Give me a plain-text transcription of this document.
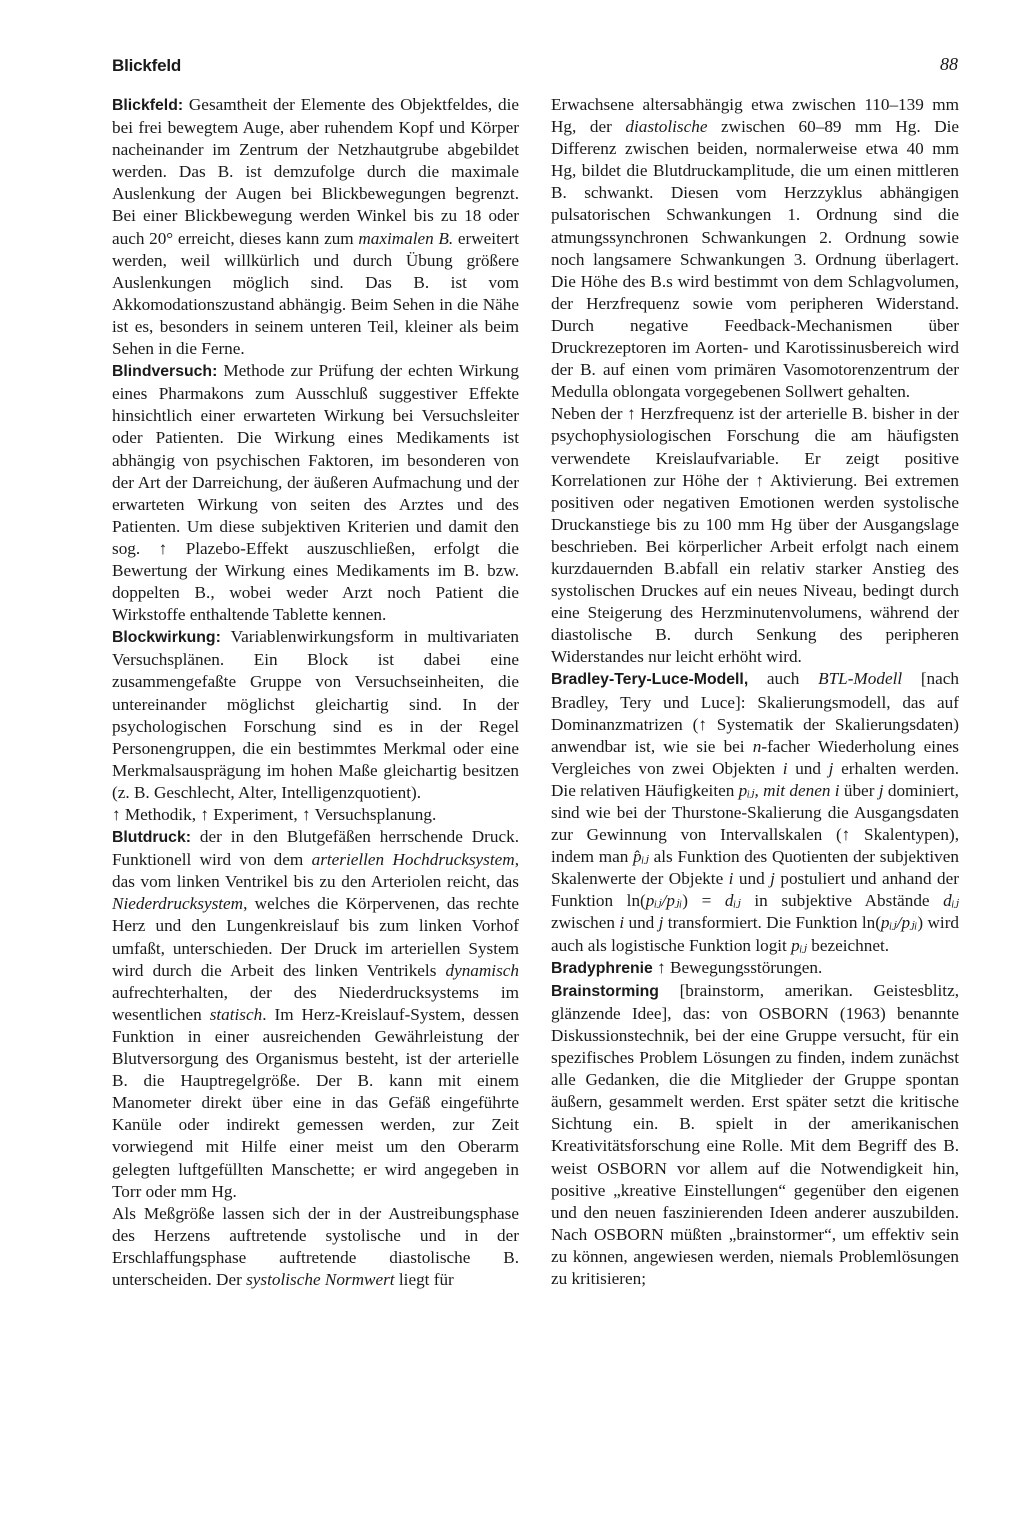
Blickfeld	88

Blickfeld: Gesamtheit der Elemente des Objektfeldes, die bei frei bewegtem Auge, aber ruhendem Kopf und Körper nacheinander im Zentrum der Netzhautgrube abgebildet werden. Das B. ist demzufolge durch die maximale Auslenkung der Augen bei Blickbewegungen begrenzt. Bei einer Blickbewegung werden Winkel bis zu 18 oder auch 20° erreicht, dieses kann zum maximalen B. erweitert werden, weil willkürlich und durch Übung größere Auslenkungen möglich sind. Das B. ist vom Akkomodationszustand abhängig. Beim Sehen in die Nähe ist es, besonders in seinem unteren Teil, kleiner als beim Sehen in die Ferne.

Blindversuch: Methode zur Prüfung der echten Wirkung eines Pharmakons zum Ausschluß suggestiver Effekte hinsichtlich einer erwarteten Wirkung bei Versuchsleiter oder Patienten. Die Wirkung eines Medikaments ist abhängig von psychischen Faktoren, im besonderen von der Art der Darreichung, der äußeren Aufmachung und der erwarteten Wirkung von seiten des Arztes und des Patienten. Um diese subjektiven Kriterien und damit den sog. ↑ Plazebo-Effekt auszuschließen, erfolgt die Bewertung der Wirkung eines Medikaments im B. bzw. doppelten B., wobei weder Arzt noch Patient die Wirkstoffe enthaltende Tablette kennen.

Blockwirkung: Variablenwirkungsform in multivariaten Versuchsplänen. Ein Block ist dabei eine zusammengefaßte Gruppe von Versuchseinheiten, die untereinander möglichst gleichartig sind. In der psychologischen Forschung sind es in der Regel Personengruppen, die ein bestimmtes Merkmal oder eine Merkmalsausprägung im hohen Maße gleichartig besitzen (z. B. Geschlecht, Alter, Intelligenzquotient).

↑ Methodik, ↑ Experiment, ↑ Versuchsplanung.

Blutdruck: der in den Blutgefäßen herrschende Druck. Funktionell wird von dem arteriellen Hochdrucksystem, das vom linken Ventrikel bis zu den Arteriolen reicht, das Niederdrucksystem, welches die Körpervenen, das rechte Herz und den Lungenkreislauf bis zum linken Vorhof umfaßt, unterschieden. Der Druck im arteriellen System wird durch die Arbeit des linken Ventrikels dynamisch aufrechterhalten, der des Niederdrucksystems im wesentlichen statisch. Im Herz-Kreislauf-System, dessen Funktion in einer ausreichenden Gewährleistung der Blutversorgung des Organismus besteht, ist der arterielle B. die Hauptregelgröße. Der B. kann mit einem Manometer direkt über eine in das Gefäß eingeführte Kanüle oder indirekt gemessen werden, zur Zeit vorwiegend mit Hilfe einer meist um den Oberarm gelegten luftgefüllten Manschette; er wird angegeben in Torr oder mm Hg.

Als Meßgröße lassen sich der in der Austreibungsphase des Herzens auftretende systolische und in der Erschlaffungsphase auftretende diastolische B. unterscheiden. Der systolische Normwert liegt für

Erwachsene altersabhängig etwa zwischen 110–139 mm Hg, der diastolische zwischen 60–89 mm Hg. Die Differenz zwischen beiden, normalerweise etwa 40 mm Hg, bildet die Blutdruckamplitude, die um einen mittleren B. schwankt. Diesen vom Herzzyklus abhängigen pulsatorischen Schwankungen 1. Ordnung sind die atmungssynchronen Schwankungen 2. Ordnung sowie noch langsamere Schwankungen 3. Ordnung überlagert. Die Höhe des B.s wird bestimmt von dem Schlagvolumen, der Herzfrequenz sowie vom peripheren Widerstand. Durch negative Feedback-Mechanismen über Druckrezeptoren im Aorten- und Karotissinusbereich wird der B. auf einen vom primären Vasomotorenzentrum der Medulla oblongata vorgegebenen Sollwert gehalten.

Neben der ↑ Herzfrequenz ist der arterielle B. bisher in der psychophysiologischen Forschung die am häufigsten verwendete Kreislaufvariable. Er zeigt positive Korrelationen zur Höhe der ↑ Aktivierung. Bei extremen positiven oder negativen Emotionen werden systolische Druckanstiege bis zu 100 mm Hg über der Ausgangslage beschrieben. Bei körperlicher Arbeit erfolgt nach einem kurzdauernden B.abfall ein relativ starker Anstieg des systolischen Druckes auf ein neues Niveau, bedingt durch eine Steigerung des Herzminutenvolumens, während der diastolische B. durch Senkung des peripheren Widerstandes nur leicht erhöht wird.

Bradley-Tery-Luce-Modell, auch BTL-Modell [nach Bradley, Tery und Luce]: Skalierungsmodell, das auf Dominanzmatrizen (↑ Systematik der Skalierungsdaten) anwendbar ist, wie sie bei n-facher Wiederholung eines Vergleiches von zwei Objekten i und j erhalten werden. Die relativen Häufigkeiten pᵢⱼ, mit denen i über j dominiert, sind wie bei der Thurstone-Skalierung die Ausgangsdaten zur Gewinnung von Intervallskalen (↑ Skalentypen), indem man p̂ᵢⱼ als Funktion des Quotienten der subjektiven Skalenwerte der Objekte i und j postuliert und anhand der Funktion ln(pᵢⱼ/pⱼᵢ) = dᵢⱼ in subjektive Abstände dᵢⱼ zwischen i und j transformiert. Die Funktion ln(pᵢⱼ/pⱼᵢ) wird auch als logistische Funktion logit pᵢⱼ bezeichnet.

Bradyphrenie ↑ Bewegungsstörungen.

Brainstorming [brainstorm, amerikan. Geistesblitz, glänzende Idee], das: von OSBORN (1963) benannte Diskussionstechnik, bei der eine Gruppe versucht, für ein spezifisches Problem Lösungen zu finden, indem zunächst alle Gedanken, die die Mitglieder der Gruppe spontan äußern, gesammelt werden. Erst später setzt die kritische Sichtung ein. B. spielt in der amerikanischen Kreativitätsforschung eine Rolle. Mit dem Begriff des B. weist OSBORN vor allem auf die Notwendigkeit hin, positive „kreative Einstellungen“ gegenüber den eigenen und den neuen faszinierenden Ideen anderer auszubilden. Nach OSBORN müßten „brainstormer“, um effektiv sein zu können, angewiesen werden, niemals Problemlösungen zu kritisieren;
